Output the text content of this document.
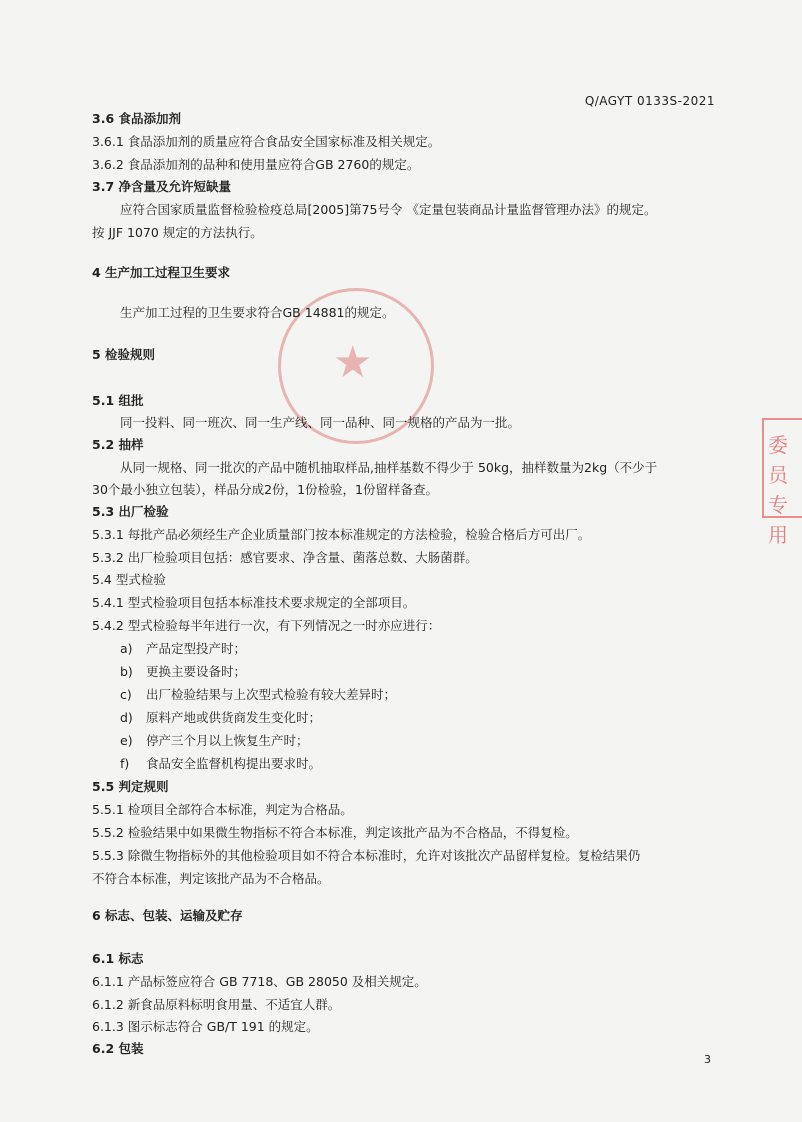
★
委员 专用
Q/AGYT 0133S-2021
3.6 食品添加剂
3.6.1 食品添加剂的质量应符合食品安全国家标准及相关规定。
3.6.2 食品添加剂的品种和使用量应符合GB 2760的规定。
3.7 净含量及允许短缺量
应符合国家质量监督检验检疫总局[2005]第75号令 《定量包装商品计量监督管理办法》的规定。
按 JJF 1070 规定的方法执行。
4 生产加工过程卫生要求
生产加工过程的卫生要求符合GB 14881的规定。
5 检验规则
5.1 组批
同一投料、同一班次、同一生产线、同一品种、同一规格的产品为一批。
5.2 抽样
从同一规格、同一批次的产品中随机抽取样品,抽样基数不得少于 50kg，抽样数量为2kg（不少于
30个最小独立包装），样品分成2份，1份检验，1份留样备查。
5.3 出厂检验
5.3.1 每批产品必须经生产企业质量部门按本标准规定的方法检验，检验合格后方可出厂。
5.3.2 出厂检验项目包括：感官要求、净含量、菌落总数、大肠菌群。
5.4 型式检验
5.4.1 型式检验项目包括本标准技术要求规定的全部项目。
5.4.2 型式检验每半年进行一次，有下列情况之一时亦应进行：
a) 产品定型投产时；
b) 更换主要设备时；
c) 出厂检验结果与上次型式检验有较大差异时；
d) 原料产地或供货商发生变化时；
e) 停产三个月以上恢复生产时；
f) 食品安全监督机构提出要求时。
5.5 判定规则
5.5.1 检项目全部符合本标准，判定为合格品。
5.5.2 检验结果中如果微生物指标不符合本标准，判定该批产品为不合格品，不得复检。
5.5.3 除微生物指标外的其他检验项目如不符合本标准时，允许对该批次产品留样复检。复检结果仍
不符合本标准，判定该批产品为不合格品。
6 标志、包装、运输及贮存
6.1 标志
6.1.1 产品标签应符合 GB 7718、GB 28050 及相关规定。
6.1.2 新食品原料标明食用量、不适宜人群。
6.1.3 图示标志符合 GB/T 191 的规定。
6.2 包装
3
